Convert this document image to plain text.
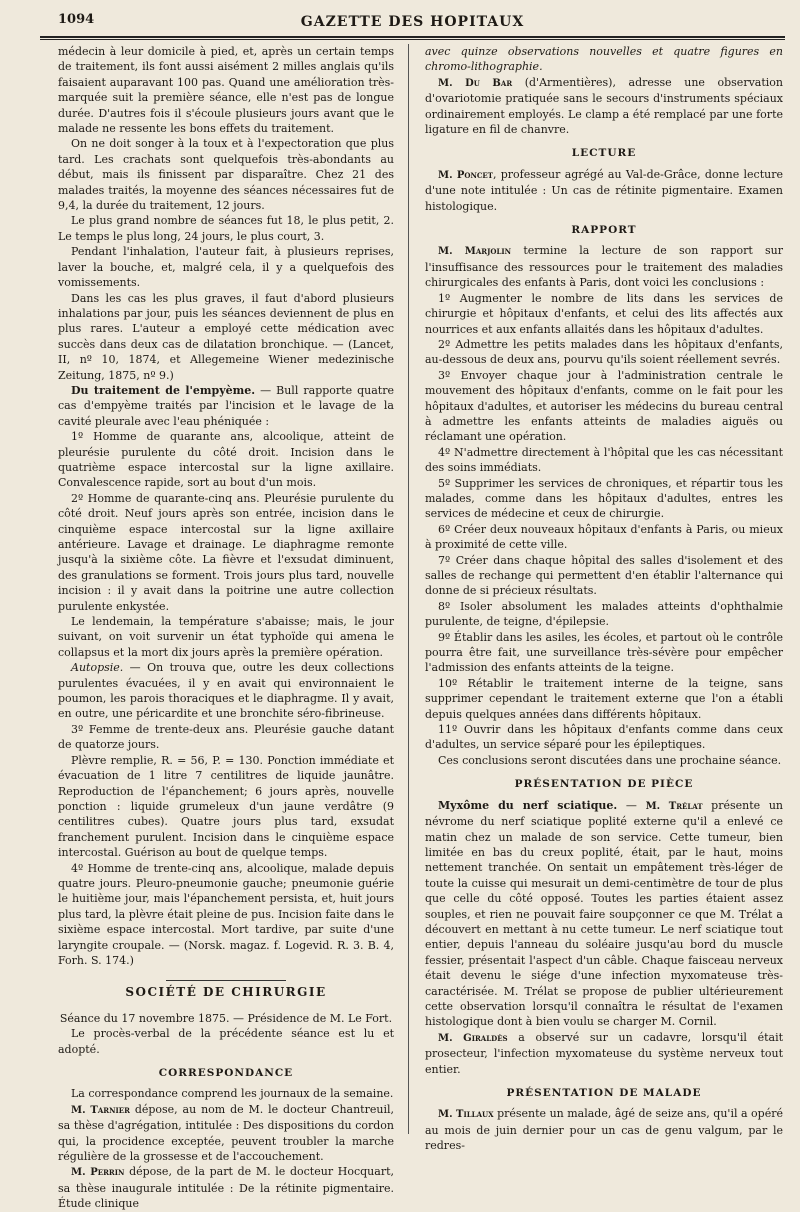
1094	GAZETTE DES HOPITAUX

médecin à leur domicile à pied, et, après un certain temps de traitement, ils font aussi aisément 2 milles anglais qu'ils faisaient auparavant 100 pas. Quand une amélioration très-marquée suit la première séance, elle n'est pas de longue durée. D'autres fois il s'écoule plusieurs jours avant que le malade ne ressente les bons effets du traitement.

On ne doit songer à la toux et à l'expectoration que plus tard. Les crachats sont quelquefois très-abondants au début, mais ils finissent par disparaître. Chez 21 des malades traités, la moyenne des séances nécessaires fut de 9,4, la durée du traitement, 12 jours.

Le plus grand nombre de séances fut 18, le plus petit, 2. Le temps le plus long, 24 jours, le plus court, 3.

Pendant l'inhalation, l'auteur fait, à plusieurs reprises, laver la bouche, et, malgré cela, il y a quelquefois des vomissements.

Dans les cas les plus graves, il faut d'abord plusieurs inhalations par jour, puis les séances deviennent de plus en plus rares. L'auteur a employé cette médication avec succès dans deux cas de dilatation bronchique. — (Lancet, II, nº 10, 1874, et Allegemeine Wiener medezinische Zeitung, 1875, nº 9.)

Du traitement de l'empyème. — Bull rapporte quatre cas d'empyème traités par l'incision et le lavage de la cavité pleurale avec l'eau phéniquée :

1º Homme de quarante ans, alcoolique, atteint de pleurésie purulente du côté droit. Incision dans le quatrième espace intercostal sur la ligne axillaire. Convalescence rapide, sort au bout d'un mois.

2º Homme de quarante-cinq ans. Pleurésie purulente du côté droit. Neuf jours après son entrée, incision dans le cinquième espace intercostal sur la ligne axillaire antérieure. Lavage et drainage. Le diaphragme remonte jusqu'à la sixième côte. La fièvre et l'exsudat diminuent, des granulations se forment. Trois jours plus tard, nouvelle incision : il y avait dans la poitrine une autre collection purulente enkystée.

Le lendemain, la température s'abaisse; mais, le jour suivant, on voit survenir un état typhoïde qui amena le collapsus et la mort dix jours après la première opération.

Autopsie. — On trouva que, outre les deux collections purulentes évacuées, il y en avait qui environnaient le poumon, les parois thoraciques et le diaphragme. Il y avait, en outre, une péricardite et une bronchite séro-fibrineuse.

3º Femme de trente-deux ans. Pleurésie gauche datant de quatorze jours.

Plèvre remplie, R. = 56, P. = 130. Ponction immédiate et évacuation de 1 litre 7 centilitres de liquide jaunâtre. Reproduction de l'épanchement; 6 jours après, nouvelle ponction : liquide grumeleux d'un jaune verdâtre (9 centilitres cubes). Quatre jours plus tard, exsudat franchement purulent. Incision dans le cinquième espace intercostal. Guérison au bout de quelque temps.

4º Homme de trente-cinq ans, alcoolique, malade depuis quatre jours. Pleuro-pneumonie gauche; pneumonie guérie le huitième jour, mais l'épanchement persista, et, huit jours plus tard, la plèvre était pleine de pus. Incision faite dans le sixième espace intercostal. Mort tardive, par suite d'une laryngite croupale. — (Norsk. magaz. f. Logevid. R. 3. B. 4, Forh. S. 174.)

SOCIÉTÉ DE CHIRURGIE

Séance du 17 novembre 1875. — Présidence de M. Le Fort.

Le procès-verbal de la précédente séance est lu et adopté.

CORRESPONDANCE

La correspondance comprend les journaux de la semaine.

M. Tarnier dépose, au nom de M. le docteur Chantreuil, sa thèse d'agrégation, intitulée : Des dispositions du cordon qui, la procidence exceptée, peuvent troubler la marche régulière de la grossesse et de l'accouchement.

M. Perrin dépose, de la part de M. le docteur Hocquart, sa thèse inaugurale intitulée : De la rétinite pigmentaire. Étude clinique

avec quinze observations nouvelles et quatre figures en chromo-lithographie.

M. Du Bar (d'Armentières), adresse une observation d'ovariotomie pratiquée sans le secours d'instruments spéciaux ordinairement employés. Le clamp a été remplacé par une forte ligature en fil de chanvre.

LECTURE

M. Poncet, professeur agrégé au Val-de-Grâce, donne lecture d'une note intitulée : Un cas de rétinite pigmentaire. Examen histologique.

RAPPORT

M. Marjolin termine la lecture de son rapport sur l'insuffisance des ressources pour le traitement des maladies chirurgicales des enfants à Paris, dont voici les conclusions :

1º Augmenter le nombre de lits dans les services de chirurgie et hôpitaux d'enfants, et celui des lits affectés aux nourrices et aux enfants allaités dans les hôpitaux d'adultes.

2º Admettre les petits malades dans les hôpitaux d'enfants, au-dessous de deux ans, pourvu qu'ils soient réellement sevrés.

3º Envoyer chaque jour à l'administration centrale le mouvement des hôpitaux d'enfants, comme on le fait pour les hôpitaux d'adultes, et autoriser les médecins du bureau central à admettre les enfants atteints de maladies aiguës ou réclamant une opération.

4º N'admettre directement à l'hôpital que les cas nécessitant des soins immédiats.

5º Supprimer les services de chroniques, et répartir tous les malades, comme dans les hôpitaux d'adultes, entres les services de médecine et ceux de chirurgie.

6º Créer deux nouveaux hôpitaux d'enfants à Paris, ou mieux à proximité de cette ville.

7º Créer dans chaque hôpital des salles d'isolement et des salles de rechange qui permettent d'en établir l'alternance qui donne de si précieux résultats.

8º Isoler absolument les malades atteints d'ophthalmie purulente, de teigne, d'épilepsie.

9º Établir dans les asiles, les écoles, et partout où le contrôle pourra être fait, une surveillance très-sévère pour empêcher l'admission des enfants atteints de la teigne.

10º Rétablir le traitement interne de la teigne, sans supprimer cependant le traitement externe que l'on a établi depuis quelques années dans différents hôpitaux.

11º Ouvrir dans les hôpitaux d'enfants comme dans ceux d'adultes, un service séparé pour les épileptiques.

Ces conclusions seront discutées dans une prochaine séance.

PRÉSENTATION DE PIÈCE

Myxôme du nerf sciatique. — M. Trélat présente un névrome du nerf sciatique poplité externe qu'il a enlevé ce matin chez un malade de son service. Cette tumeur, bien limitée en bas du creux poplité, était, par le haut, moins nettement tranchée. On sentait un empâtement très-léger de toute la cuisse qui mesurait un demi-centimètre de tour de plus que celle du côté opposé. Toutes les parties étaient assez souples, et rien ne pouvait faire soupçonner ce que M. Trélat a découvert en mettant à nu cette tumeur. Le nerf sciatique tout entier, depuis l'anneau du soléaire jusqu'au bord du muscle fessier, présentait l'aspect d'un câble. Chaque faisceau nerveux était devenu le siége d'une infection myxomateuse très-caractérisée. M. Trélat se propose de publier ultérieurement cette observation lorsqu'il connaîtra le résultat de l'examen histologique dont à bien voulu se charger M. Cornil.

M. Giraldès a observé sur un cadavre, lorsqu'il était prosecteur, l'infection myxomateuse du système nerveux tout entier.

PRÉSENTATION DE MALADE

M. Tillaux présente un malade, âgé de seize ans, qu'il a opéré au mois de juin dernier pour un cas de genu valgum, par le redres-
